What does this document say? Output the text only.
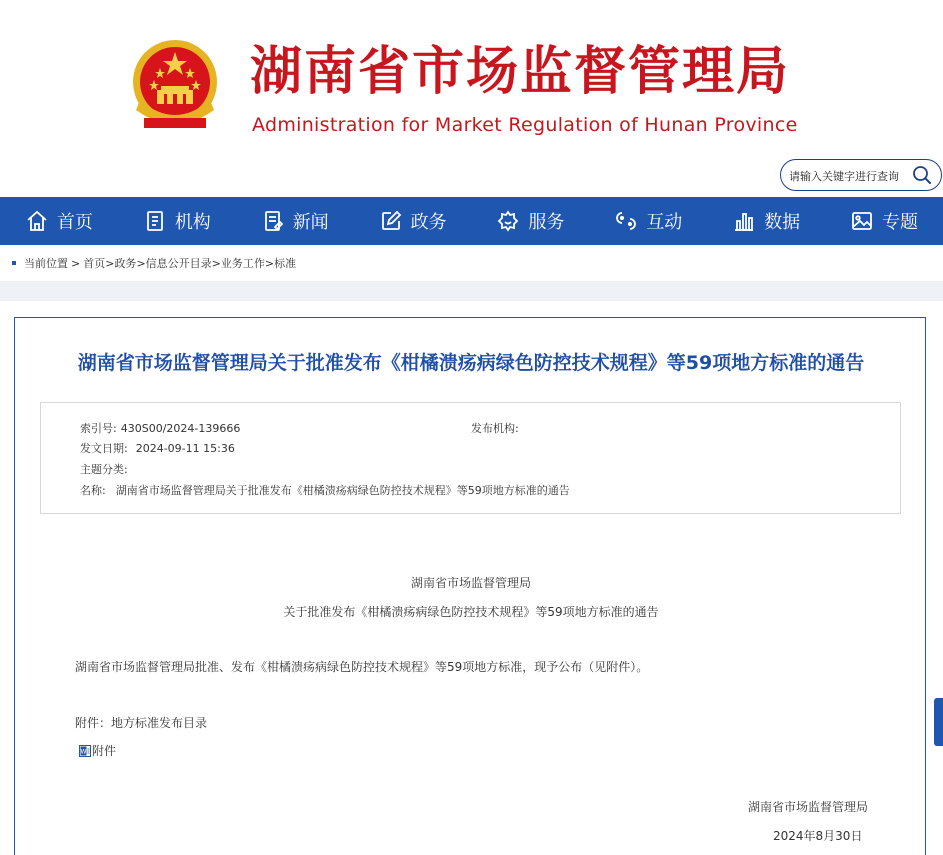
湖南省市场监督管理局
Administration for Market Regulation of Hunan Province
请输入关键字进行查询
首页	机构	新闻	政务	服务	互动	数据	专题
当前位置 > 首页 > 政务 > 信息公开目录 > 业务工作 > 标准
湖南省市场监督管理局关于批准发布《柑橘溃疡病绿色防控技术规程》等59项地方标准的通告
索引号: 430S00/2024-139666	发布机构:
发文日期: 2024-09-11 15:36
主题分类:
名称: 湖南省市场监督管理局关于批准发布《柑橘溃疡病绿色防控技术规程》等59项地方标准的通告
湖南省市场监督管理局
关于批准发布《柑橘溃疡病绿色防控技术规程》等59项地方标准的通告
湖南省市场监督管理局批准、发布《柑橘溃疡病绿色防控技术规程》等59项地方标准，现予公布（见附件）。
附件：地方标准发布目录
W 附件
湖南省市场监督管理局
2024年8月30日
